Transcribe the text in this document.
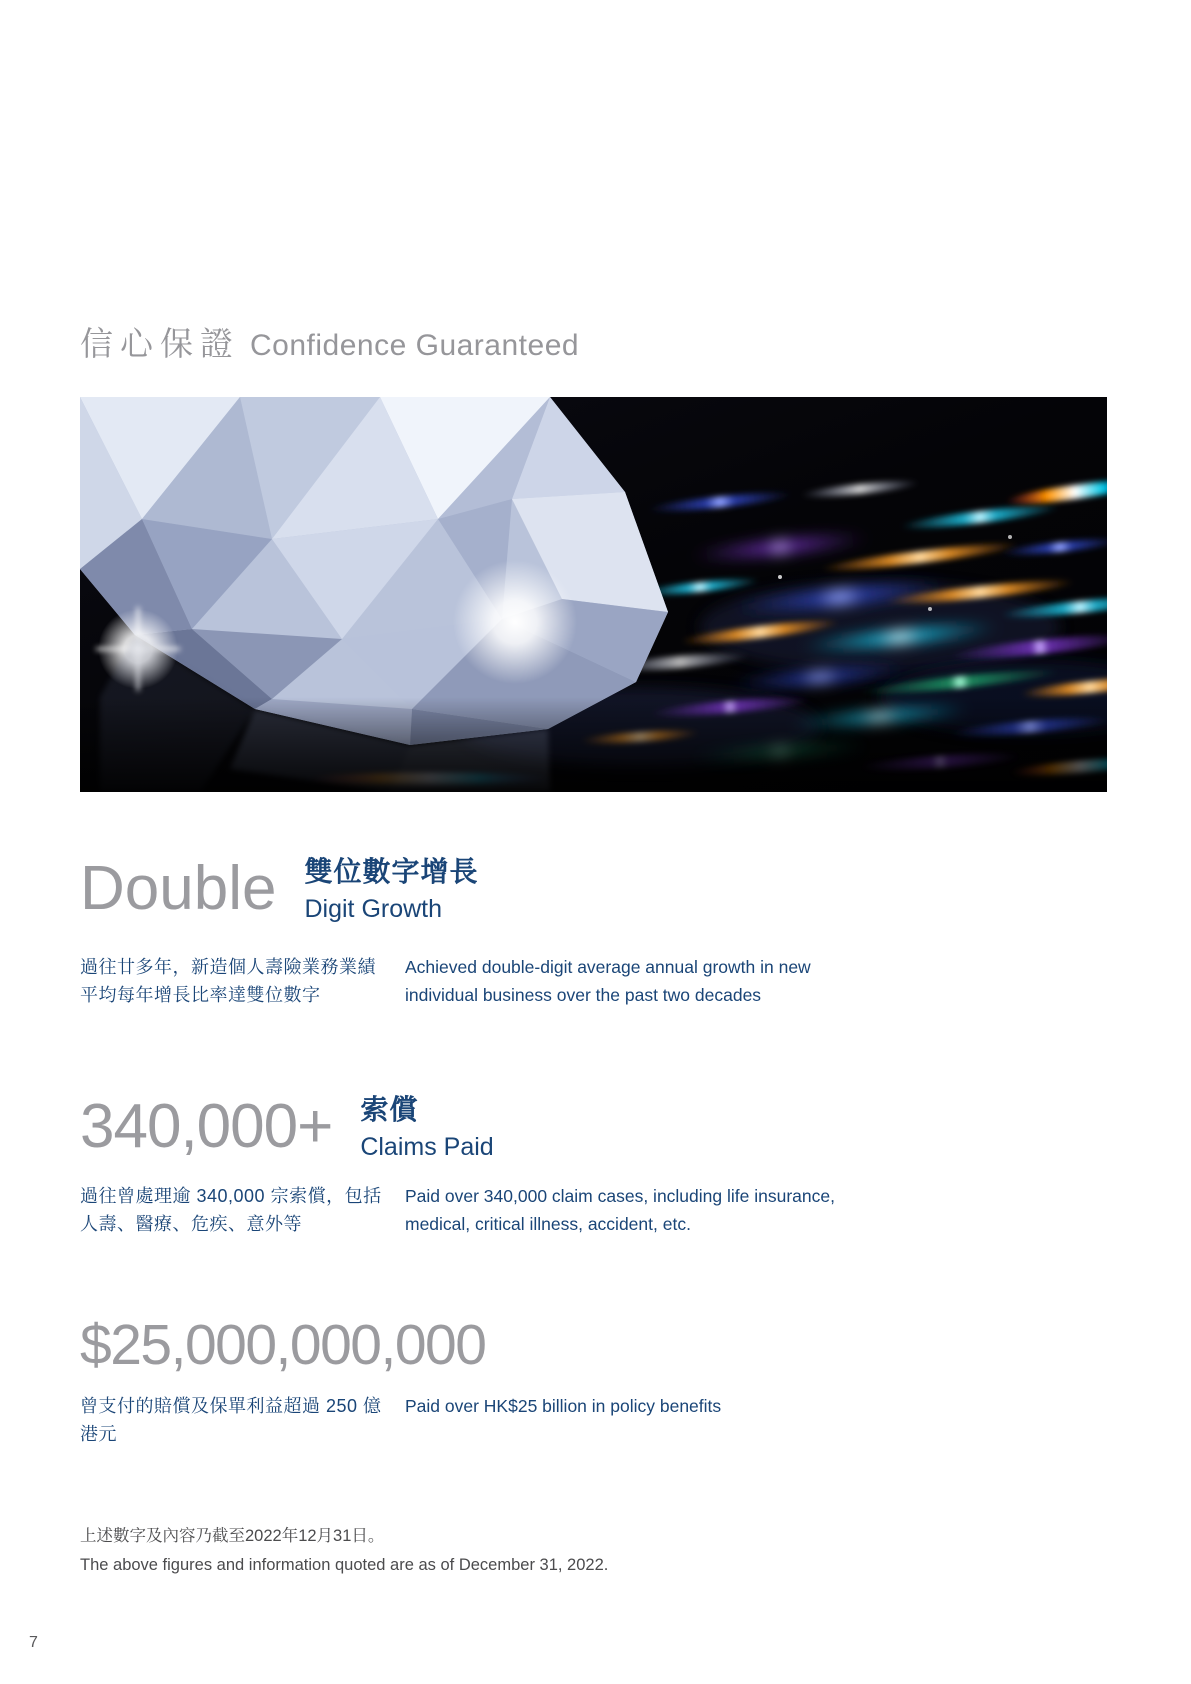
信心保證 Confidence Guaranteed
Double 雙位數字增長
Digit Growth
過往廿多年，新造個人壽險業務業績
平均每年增長比率達雙位數字
Achieved double-digit average annual growth in new
individual business over the past two decades
340,000+ 索償
Claims Paid
過往曾處理逾 340,000 宗索償，包括
人壽、醫療、危疾、意外等
Paid over 340,000 claim cases, including life insurance,
medical, critical illness, accident, etc.
$25,000,000,000
曾支付的賠償及保單利益超過 250 億
港元
Paid over HK$25 billion in policy benefits
上述數字及內容乃截至2022年12月31日。
The above figures and information quoted are as of December 31, 2022.
7
